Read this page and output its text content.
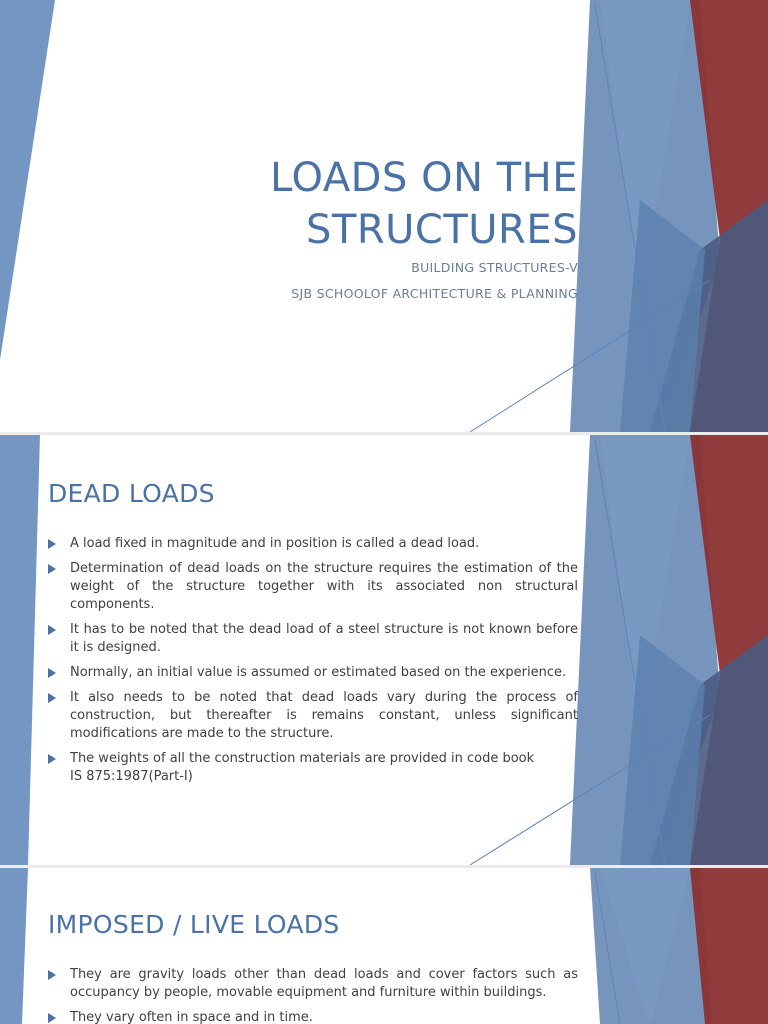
LOADS ON THE
STRUCTURES
BUILDING STRUCTURES-V
SJB SCHOOLOF ARCHITECTURE & PLANNING
DEAD LOADS
A load fixed in magnitude and in position is called a dead load.
Determination of dead loads on the structure requires the estimation of the weight of the structure together with its associated non structural components.
It has to be noted that the dead load of a steel structure is not known before it is designed.
Normally, an initial value is assumed or estimated based on the experience.
It also needs to be noted that dead loads vary during the process of construction, but thereafter is remains constant, unless significant modifications are made to the structure.
The weights of all the construction materials are provided in code book
IS 875:1987(Part-I)
IMPOSED / LIVE LOADS
They are gravity loads other than dead loads and cover factors such as occupancy by people, movable equipment and furniture within buildings.
They vary often in space and in time.
